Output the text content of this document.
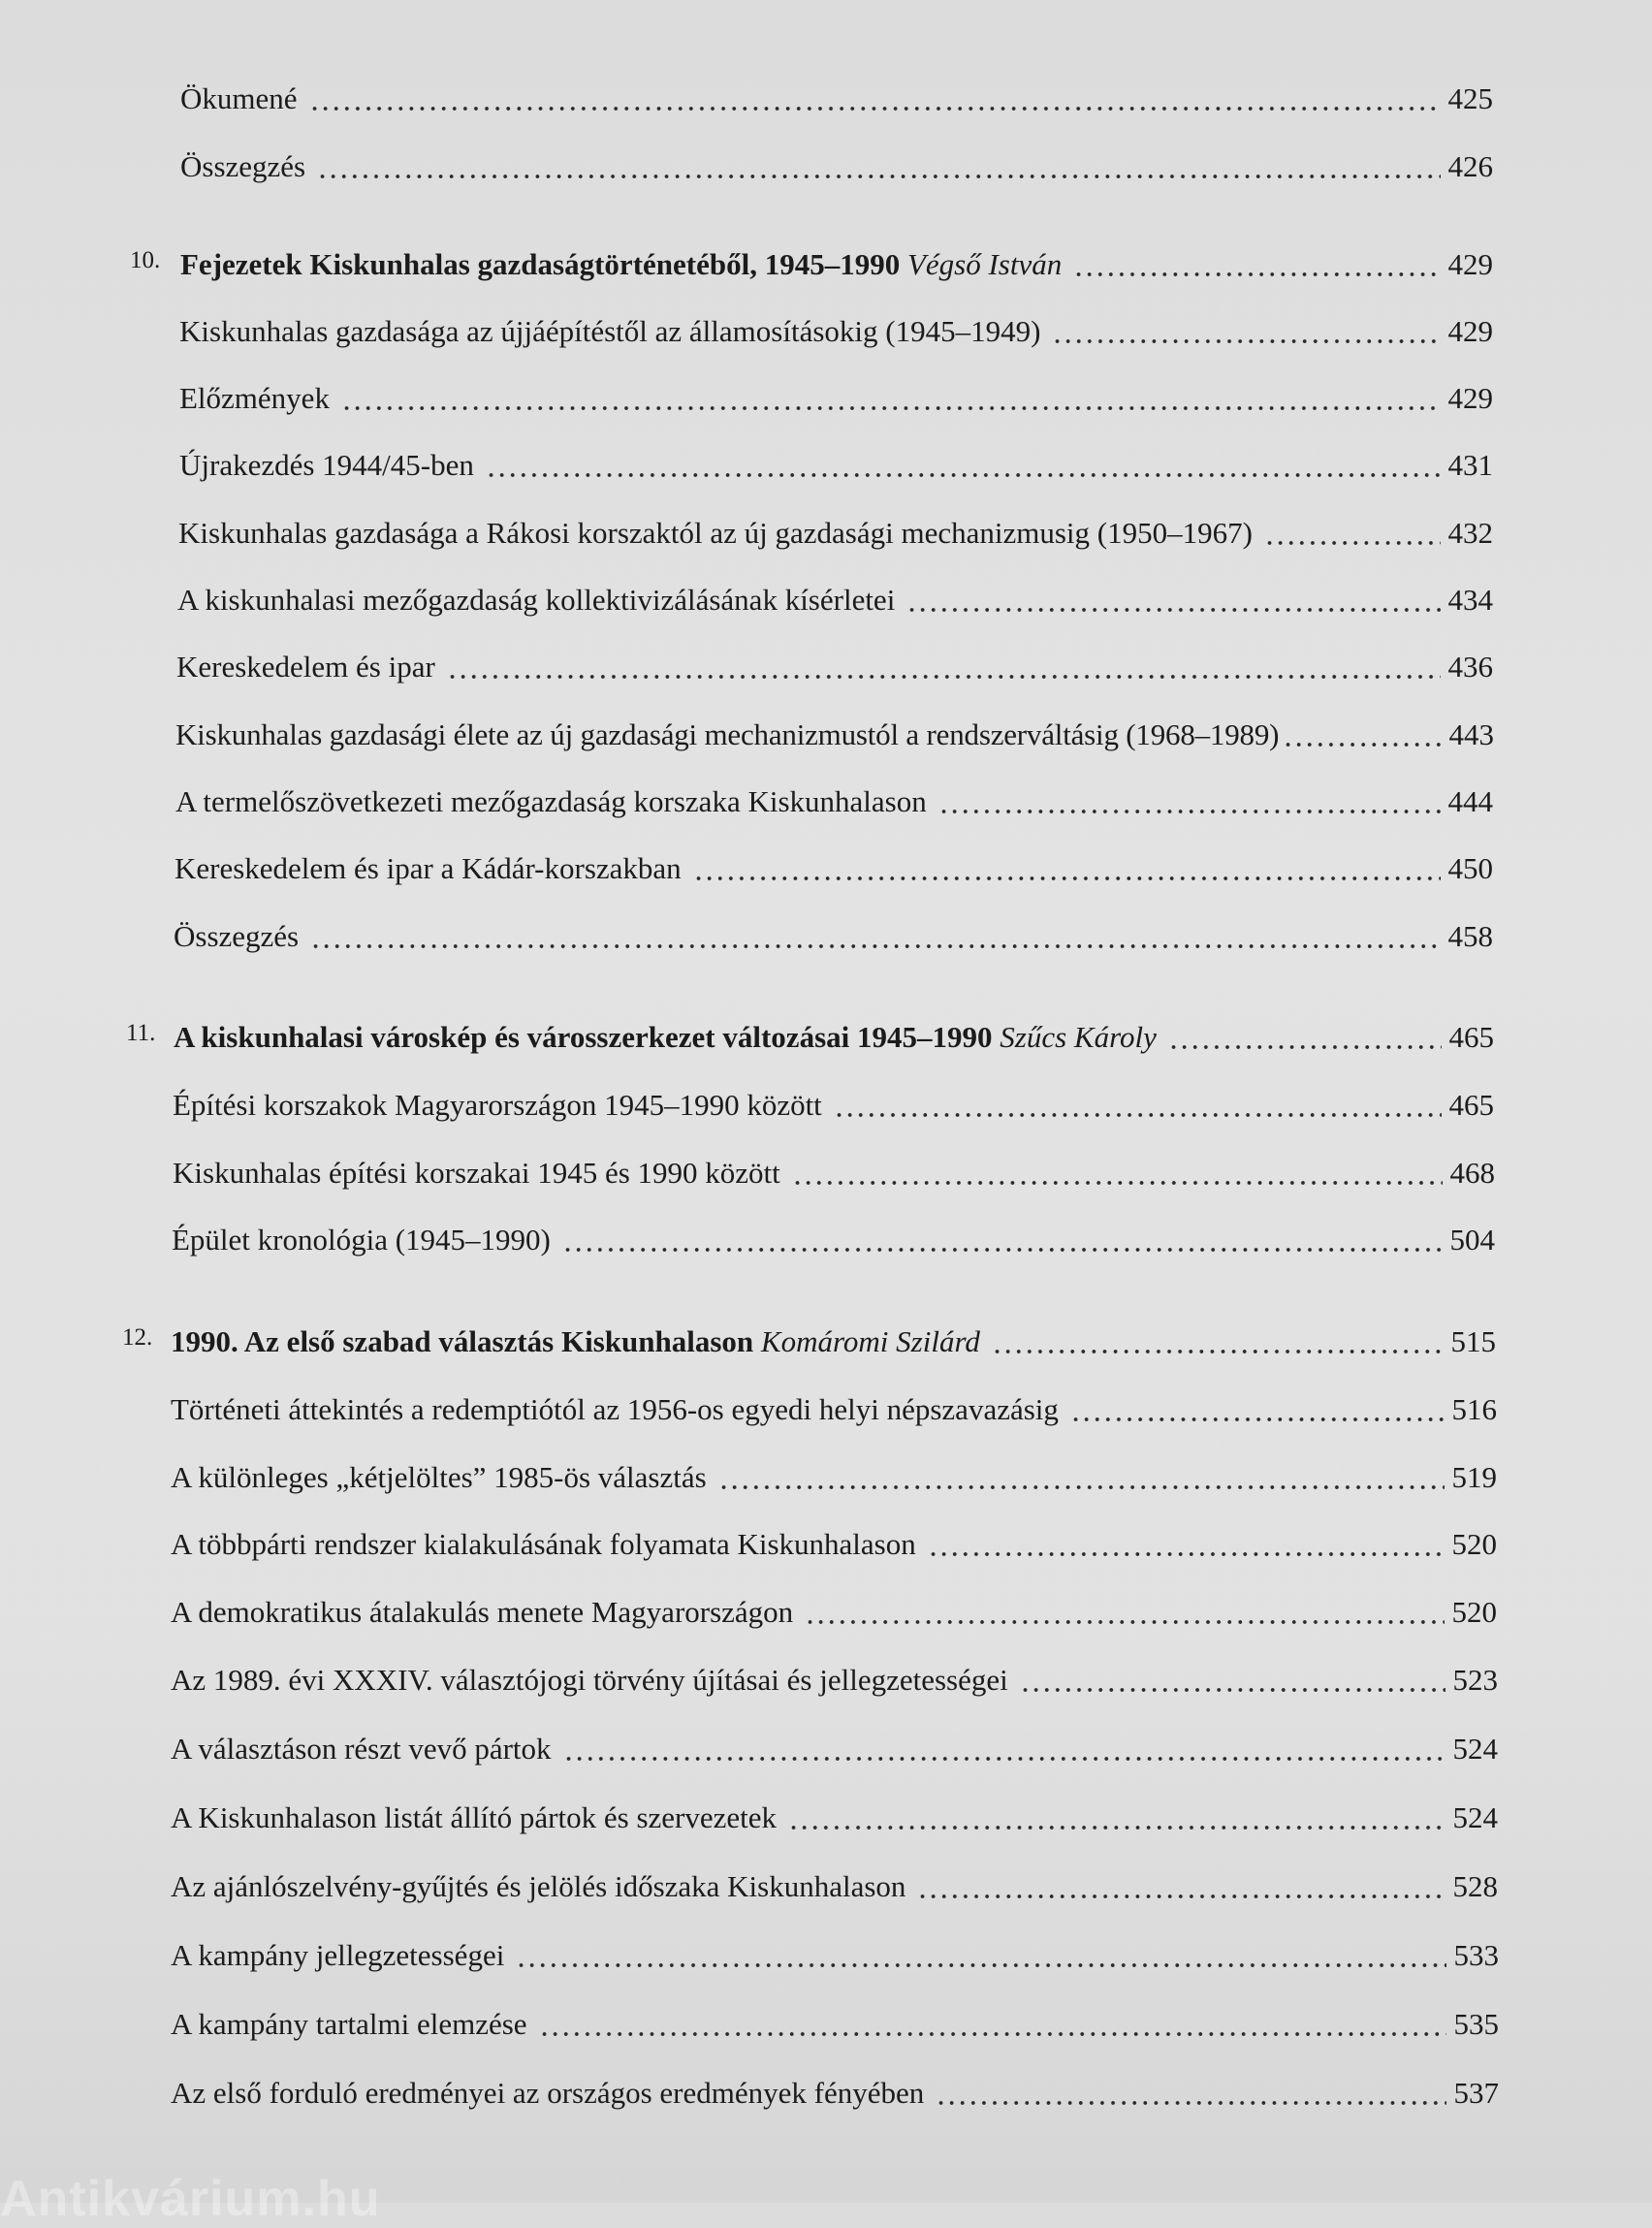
Ökumené	425
Összegzés	426
10. Fejezetek Kiskunhalas gazdaságtörténetéből, 1945–1990 Végső István	429
Kiskunhalas gazdasága az újjáépítéstől az államosításokig (1945–1949)	429
Előzmények	429
Újrakezdés 1944/45-ben	431
Kiskunhalas gazdasága a Rákosi korszaktól az új gazdasági mechanizmusig (1950–1967)	432
A kiskunhalasi mezőgazdaság kollektivizálásának kísérletei	434
Kereskedelem és ipar	436
Kiskunhalas gazdasági élete az új gazdasági mechanizmustól a rendszerváltásig (1968–1989)	443
A termelőszövetkezeti mezőgazdaság korszaka Kiskunhalason	444
Kereskedelem és ipar a Kádár-korszakban	450
Összegzés	458
11. A kiskunhalasi városkép és városszerkezet változásai 1945–1990 Szűcs Károly	465
Építési korszakok Magyarországon 1945–1990 között	465
Kiskunhalas építési korszakai 1945 és 1990 között	468
Épület kronológia (1945–1990)	504
12. 1990. Az első szabad választás Kiskunhalason Komáromi Szilárd	515
Történeti áttekintés a redemptiótól az 1956-os egyedi helyi népszavazásig	516
A különleges „kétjelöltes” 1985-ös választás	519
A többpárti rendszer kialakulásának folyamata Kiskunhalason	520
A demokratikus átalakulás menete Magyarországon	520
Az 1989. évi XXXIV. választójogi törvény újításai és jellegzetességei	523
A választáson részt vevő pártok	524
A Kiskunhalason listát állító pártok és szervezetek	524
Az ajánlószelvény-gyűjtés és jelölés időszaka Kiskunhalason	528
A kampány jellegzetességei	533
A kampány tartalmi elemzése	535
Az első forduló eredményei az országos eredmények fényében	537
Antikvárium.hu
